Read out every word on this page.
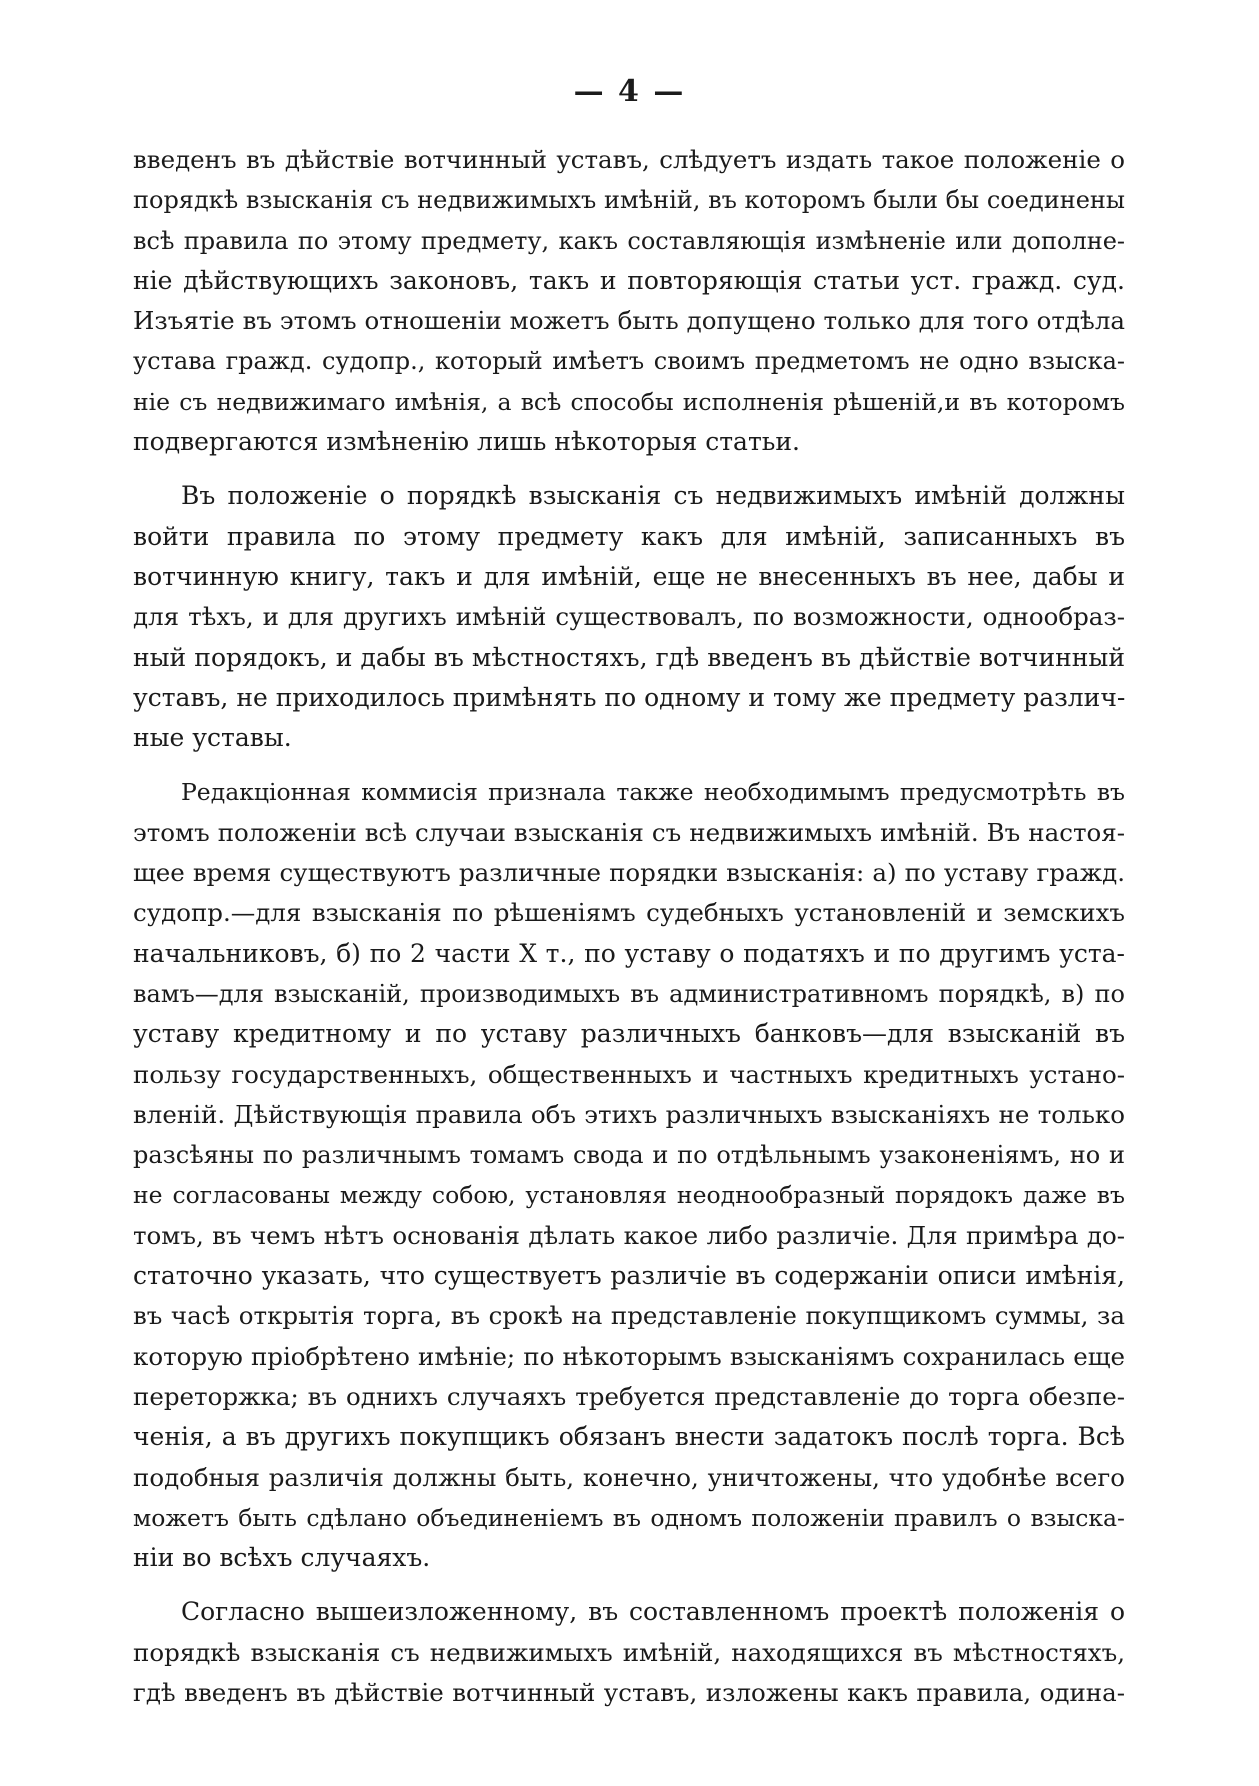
— 4 —
введенъ въ дѣйствіе вотчинный уставъ, слѣдуетъ издать такое положеніе о
порядкѣ взысканія съ недвижимыхъ имѣній, въ которомъ были бы соединены
всѣ правила по этому предмету, какъ составляющія измѣненіе или дополне-
ніе дѣйствующихъ законовъ, такъ и повторяющія статьи уст. гражд. суд.
Изъятіе въ этомъ отношеніи можетъ быть допущено только для того отдѣла
устава гражд. судопр., который имѣетъ своимъ предметомъ не одно взыска-
ніе съ недвижимаго имѣнія, а всѣ способы исполненія рѣшеній,и въ которомъ
подвергаются измѣненію лишь нѣкоторыя статьи.
Въ положеніе о порядкѣ взысканія съ недвижимыхъ имѣній должны
войти правила по этому предмету какъ для имѣній, записанныхъ въ
вотчинную книгу, такъ и для имѣній, еще не внесенныхъ въ нее, дабы и
для тѣхъ, и для другихъ имѣній существовалъ, по возможности, однообраз-
ный порядокъ, и дабы въ мѣстностяхъ, гдѣ введенъ въ дѣйствіе вотчинный
уставъ, не приходилось примѣнять по одному и тому же предмету различ-
ные уставы.
Редакціонная коммисія признала также необходимымъ предусмотрѣть въ
этомъ положеніи всѣ случаи взысканія съ недвижимыхъ имѣній. Въ настоя-
щее время существуютъ различные порядки взысканія: а) по уставу гражд.
судопр.—для взысканія по рѣшеніямъ судебныхъ установленій и земскихъ
начальниковъ, б) по 2 части X т., по уставу о податяхъ и по другимъ уста-
вамъ—для взысканій, производимыхъ въ административномъ порядкѣ, в) по
уставу кредитному и по уставу различныхъ банковъ—для взысканій въ
пользу государственныхъ, общественныхъ и частныхъ кредитныхъ устано-
вленій. Дѣйствующія правила объ этихъ различныхъ взысканіяхъ не только
разсѣяны по различнымъ томамъ свода и по отдѣльнымъ узаконеніямъ, но и
не согласованы между собою, установляя неоднообразный порядокъ даже въ
томъ, въ чемъ нѣтъ основанія дѣлать какое либо различіе. Для примѣра до-
статочно указать, что существуетъ различіе въ содержаніи описи имѣнія,
въ часѣ открытія торга, въ срокѣ на представленіе покупщикомъ суммы, за
которую пріобрѣтено имѣніе; по нѣкоторымъ взысканіямъ сохранилась еще
переторжка; въ однихъ случаяхъ требуется представленіе до торга обезпе-
ченія, а въ другихъ покупщикъ обязанъ внести задатокъ послѣ торга. Всѣ
подобныя различія должны быть, конечно, уничтожены, что удобнѣе всего
можетъ быть сдѣлано объединеніемъ въ одномъ положеніи правилъ о взыска-
ніи во всѣхъ случаяхъ.
Согласно вышеизложенному, въ составленномъ проектѣ положенія о
порядкѣ взысканія съ недвижимыхъ имѣній, находящихся въ мѣстностяхъ,
гдѣ введенъ въ дѣйствіе вотчинный уставъ, изложены какъ правила, одина-
